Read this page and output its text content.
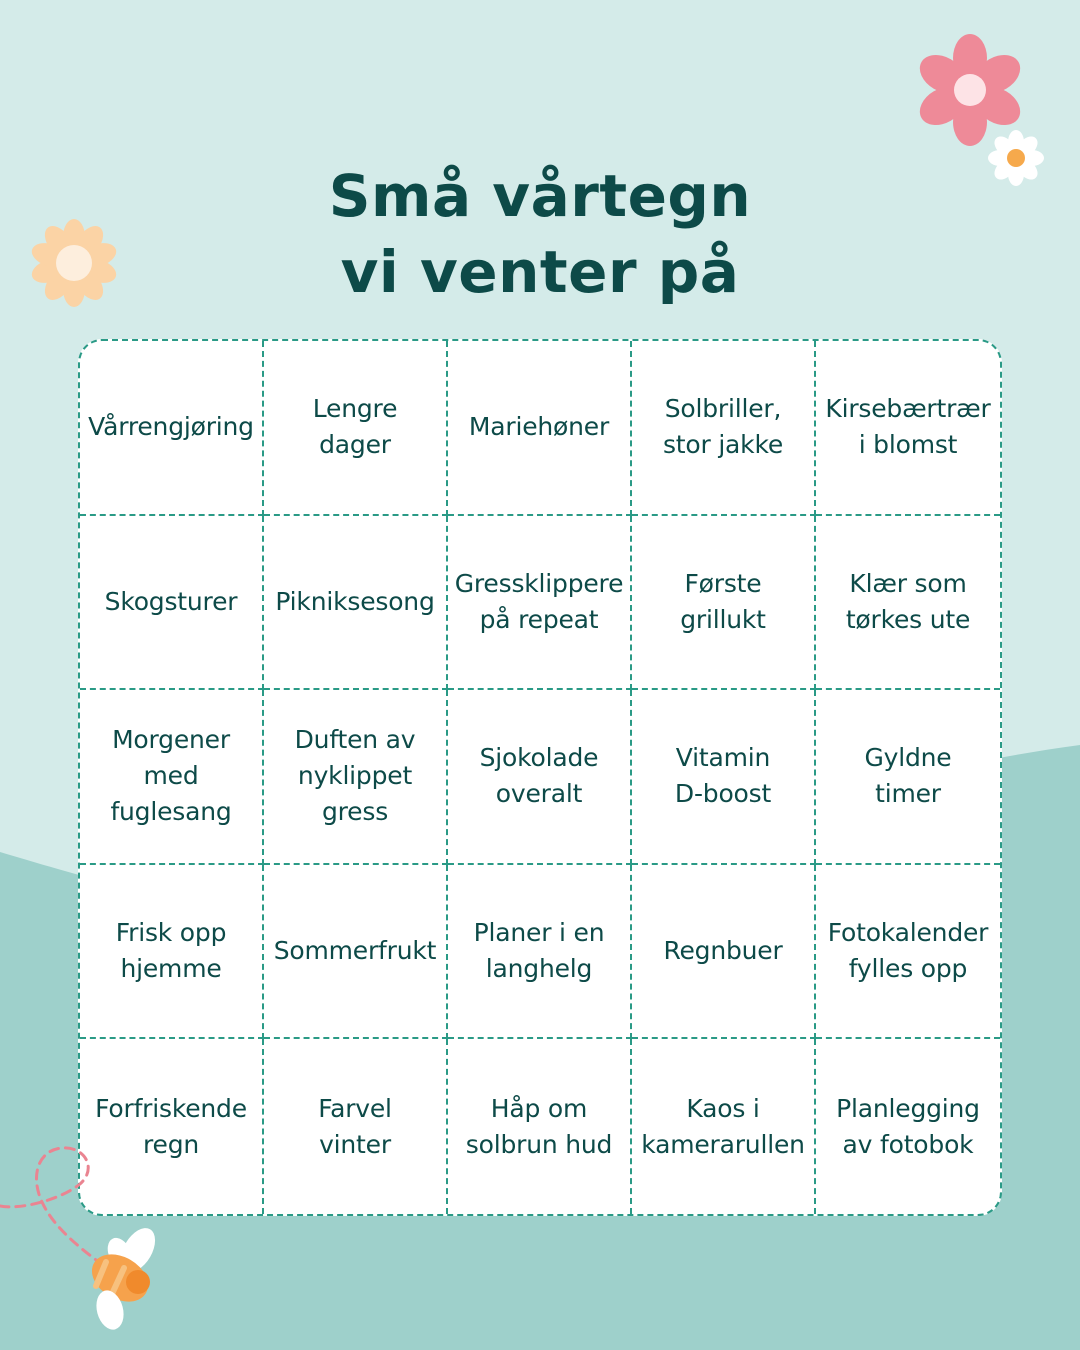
Små vårtegn
vi venter på
Vårrengjøring
Lengre
dager
Mariehøner
Solbriller,
stor jakke
Kirsebærtrær
i blomst
Skogsturer	Pikniksesong
Gressklippere
på repeat
Første
grillukt
Klær som
tørkes ute
Morgener
med
fuglesang
Duften av
nyklippet
gress
Sjokolade
overalt
Vitamin
D-boost
Gyldne
timer
Frisk opp
hjemme
Sommerfrukt
Planer i en
langhelg
Regnbuer
Fotokalender
fylles opp
Forfriskende
regn
Farvel
vinter
Håp om
solbrun hud
Kaos i
kamerarullen
Planlegging
av fotobok
